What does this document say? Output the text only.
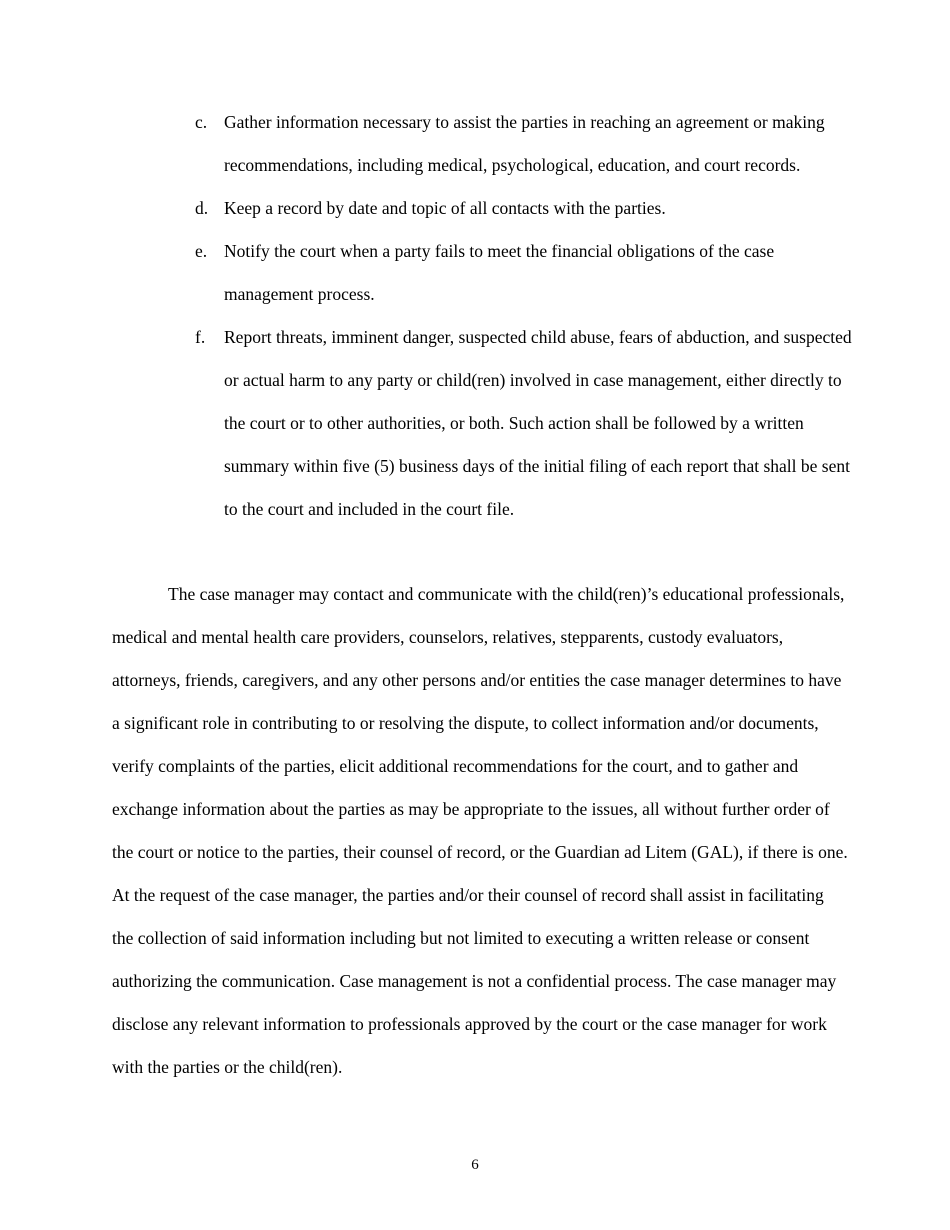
c. Gather information necessary to assist the parties in reaching an agreement or making recommendations, including medical, psychological, education, and court records.
d. Keep a record by date and topic of all contacts with the parties.
e. Notify the court when a party fails to meet the financial obligations of the case management process.
f. Report threats, imminent danger, suspected child abuse, fears of abduction, and suspected or actual harm to any party or child(ren) involved in case management, either directly to the court or to other authorities, or both. Such action shall be followed by a written summary within five (5) business days of the initial filing of each report that shall be sent to the court and included in the court file.

The case manager may contact and communicate with the child(ren)’s educational professionals, medical and mental health care providers, counselors, relatives, stepparents, custody evaluators, attorneys, friends, caregivers, and any other persons and/or entities the case manager determines to have a significant role in contributing to or resolving the dispute, to collect information and/or documents, verify complaints of the parties, elicit additional recommendations for the court, and to gather and exchange information about the parties as may be appropriate to the issues, all without further order of the court or notice to the parties, their counsel of record, or the Guardian ad Litem (GAL), if there is one. At the request of the case manager, the parties and/or their counsel of record shall assist in facilitating the collection of said information including but not limited to executing a written release or consent authorizing the communication. Case management is not a confidential process. The case manager may disclose any relevant information to professionals approved by the court or the case manager for work with the parties or the child(ren).

6
